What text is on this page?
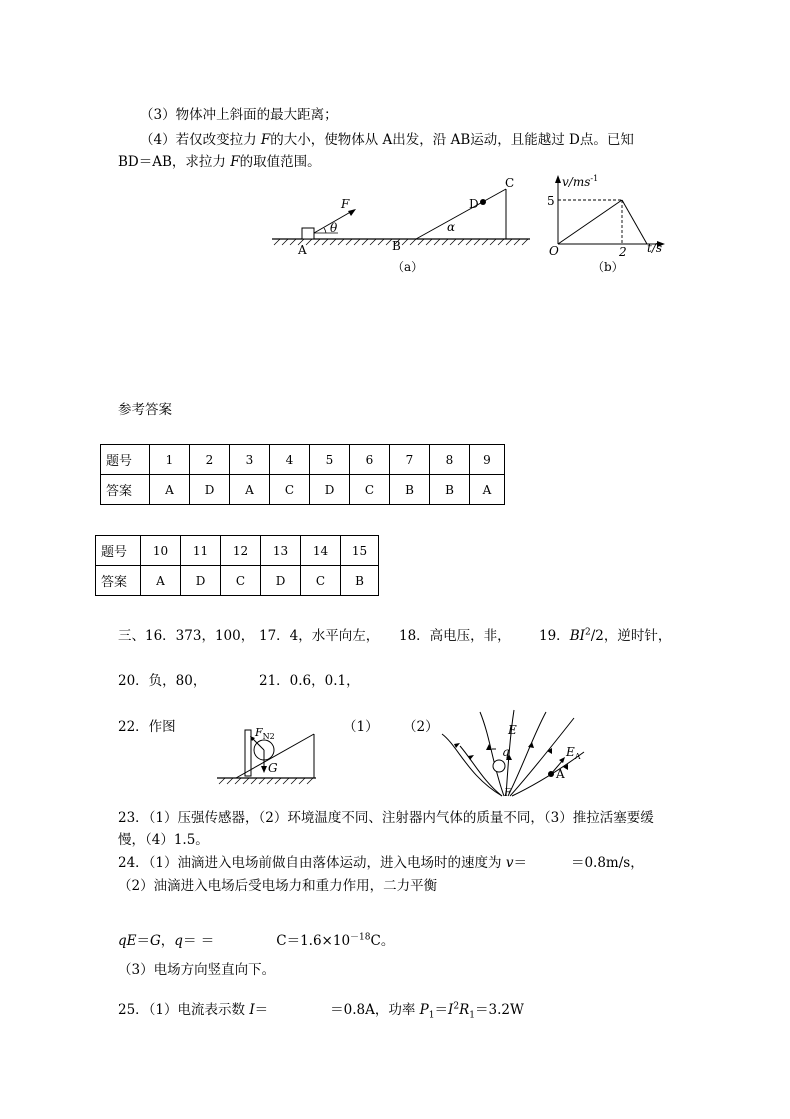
（3）物体冲上斜面的最大距离；
（4）若仅改变拉力 F的大小，使物体从 A出发，沿 AB运动，且能越过 D点。已知
BD＝AB，求拉力 F的取值范围。
F
θ	α
A	B
C
D
（a）
$v/ms^{-1}$
5
2 t/s
O
（b）
参考答案
题号	1	2	3	4	5	6	7	8	9
答案	A	D	A	C	D	C	B	B	A
题号	10	11	12	13	14	15
答案	A	D	C	D	C	B
三、16．373，100， 17．4，水平向左， 18．高电压，非， 19．$BI^2/2$，逆时针，
20．负，80，	21．0.6，0.1，
22．作图	（1） （2）
$F_{N2}$
G
E
q	$E_A$
A
F
23．（1）压强传感器，（2）环境温度不同、注射器内气体的质量不同，（3）推拉活塞要缓
慢，（4）1.5。
24．（1）油滴进入电场前做自由落体运动，进入电场时的速度为 v＝	＝0.8m/s，
（2）油滴进入电场后受电场力和重力作用，二力平衡
qE＝G，q＝ ＝	$C=1.6\times 10^{-18}C$。
（3）电场方向竖直向下。
25．（1）电流表示数 I＝	＝0.8A，功率 $P_1=I^2R_1=3.2W$
